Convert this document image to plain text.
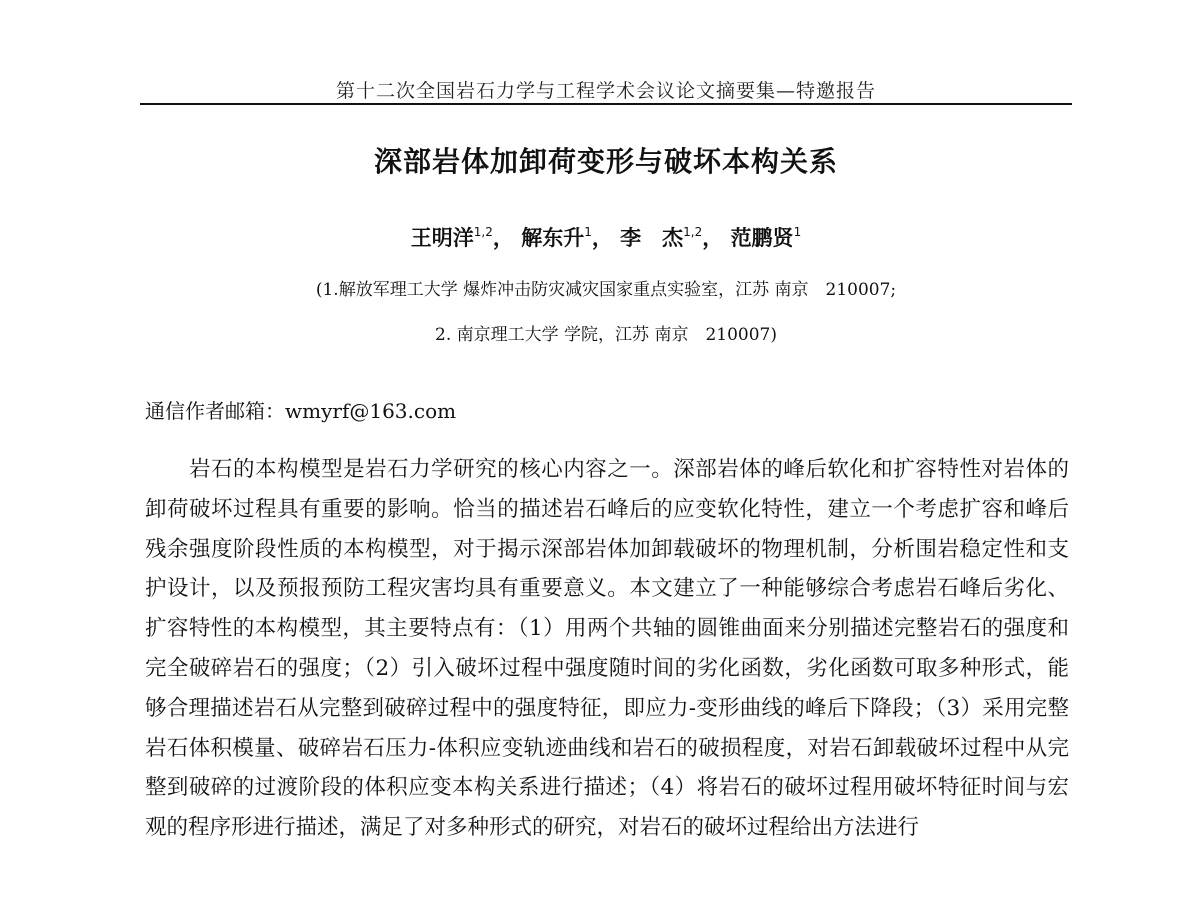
第十二次全国岩石力学与工程学术会议论文摘要集—特邀报告
深部岩体加卸荷变形与破坏本构关系
王明洋$^{1,2}$， 解东升$^1$， 李　杰$^{1,2}$， 范鹏贤$^1$
(1.解放军理工大学 爆炸冲击防灾减灾国家重点实验室，江苏 南京　210007;
2. 南京理工大学 学院，江苏 南京　210007)
通信作者邮箱：wmyrf@163.com

岩石的本构模型是岩石力学研究的核心内容之一。深部岩体的峰后软化和扩容特性对岩体的卸荷破坏过程具有重要的影响。恰当的描述岩石峰后的应变软化特性，建立一个考虑扩容和峰后残余强度阶段性质的本构模型，对于揭示深部岩体加卸载破坏的物理机制，分析围岩稳定性和支护设计，以及预报预防工程灾害均具有重要意义。本文建立了一种能够综合考虑岩石峰后劣化、扩容特性的本构模型，其主要特点有：（1）用两个共轴的圆锥曲面来分别描述完整岩石的强度和完全破碎岩石的强度；（2）引入破坏过程中强度随时间的劣化函数，劣化函数可取多种形式，能够合理描述岩石从完整到破碎过程中的强度特征，即应力-变形曲线的峰后下降段；（3）采用完整岩石体积模量、破碎岩石压力-体积应变轨迹曲线和岩石的破损程度，对岩石卸载破坏过程中从完整到破碎的过渡阶段的体积应变本构关系进行描述；（4）将岩石的破坏过程用破坏特征时间与宏观的程序形进行描述，满足了对多种形式的研究，对岩石的破坏过程给出方法进行
